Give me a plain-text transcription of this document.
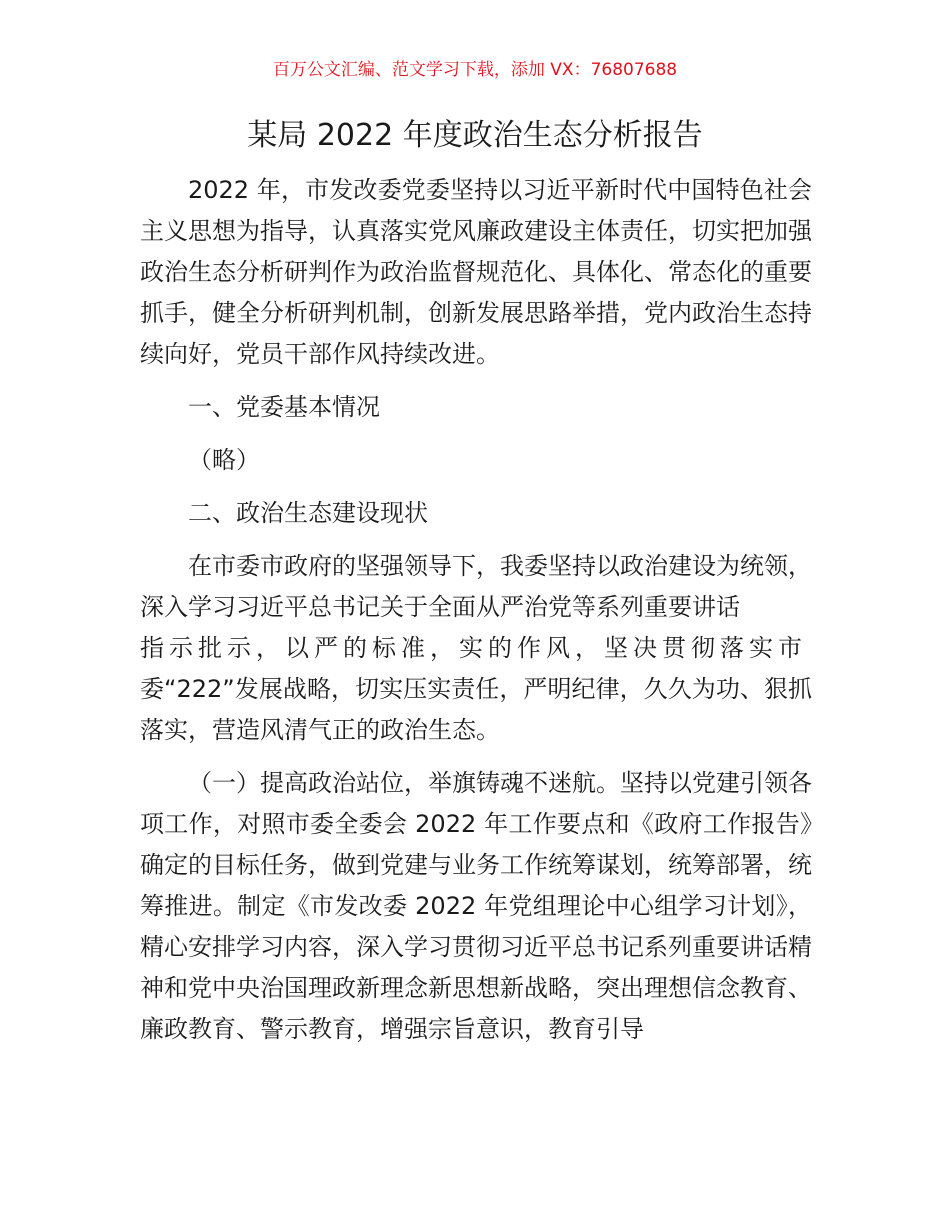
百万公文汇编、范文学习下载，添加 VX：76807688
某局 2022 年度政治生态分析报告

2022 年，市发改委党委坚持以习近平新时代中国特色社会主义思想为指导，认真落实党风廉政建设主体责任，切实把加强政治生态分析研判作为政治监督规范化、具体化、常态化的重要抓手，健全分析研判机制，创新发展思路举措，党内政治生态持续向好，党员干部作风持续改进。

一、党委基本情况

（略）

二、政治生态建设现状

在市委市政府的坚强领导下，我委坚持以政治建设为统领，深入学习习近平总书记关于全面从严治党等系列重要讲话

指示批示，以严的标准，实的作风，坚决贯彻落实市

委“222”发展战略，切实压实责任，严明纪律，久久为功、狠抓落实，营造风清气正的政治生态。

（一）提高政治站位，举旗铸魂不迷航。坚持以党建引领各项工作，对照市委全委会 2022 年工作要点和《政府工作报告》确定的目标任务，做到党建与业务工作统筹谋划，统筹部署，统筹推进。制定《市发改委 2022 年党组理论中心组学习计划》，精心安排学习内容，深入学习贯彻习近平总书记系列重要讲话精神和党中央治国理政新理念新思想新战略，突出理想信念教育、廉政教育、警示教育，增强宗旨意识，教育引导
